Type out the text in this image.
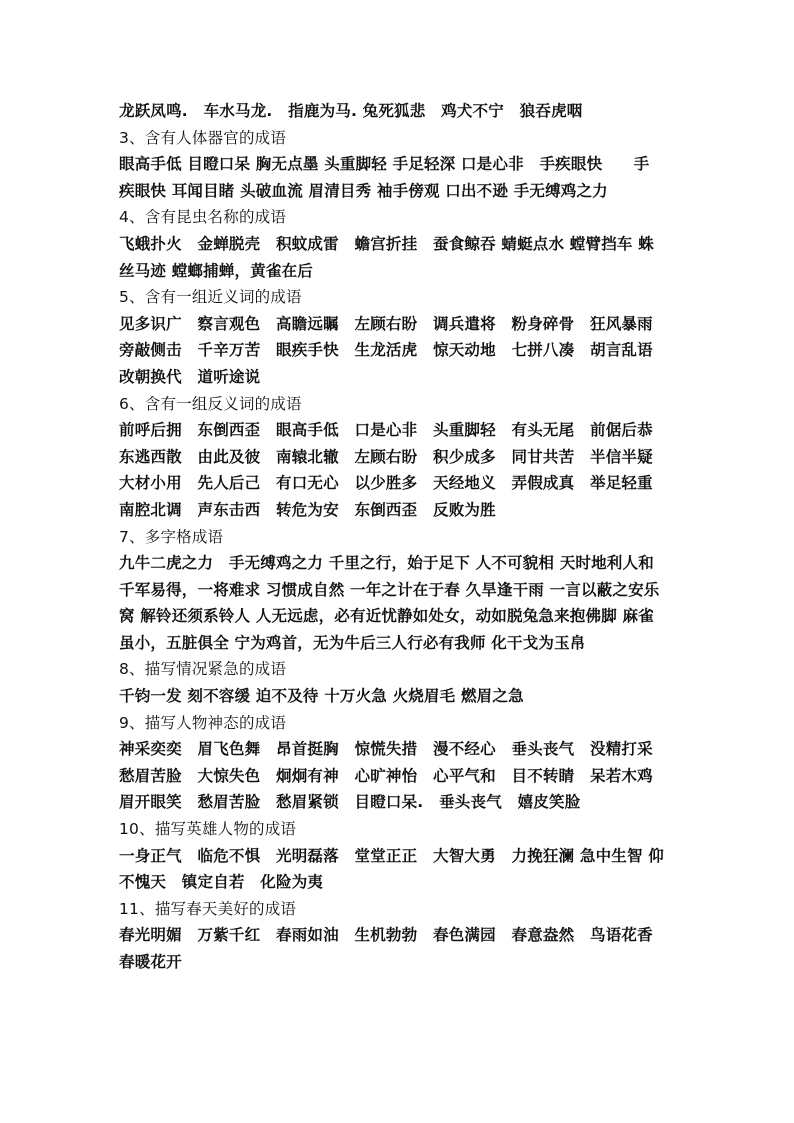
龙跃凤鸣.　车水马龙.　指鹿为马. 兔死狐悲　鸡犬不宁　狼吞虎咽
3、含有人体器官的成语
眼高手低 目瞪口呆 胸无点墨 头重脚轻 手足轻深 口是心非　手疾眼快　　手
疾眼快 耳闻目睹 头破血流 眉清目秀 袖手傍观 口出不逊 手无缚鸡之力
4、含有昆虫名称的成语
飞蛾扑火　金蝉脱壳　积蚊成雷　蟾宫折挂　蚕食鲸吞 蜻蜓点水 螳臂挡车 蛛
丝马迹 螳螂捕蝉，黄雀在后
5、含有一组近义词的成语
见多识广　察言观色　高瞻远瞩　左顾右盼　调兵遣将　粉身碎骨　狂风暴雨
旁敲侧击　千辛万苦　眼疾手快　生龙活虎　惊天动地　七拼八凑　胡言乱语
改朝换代　道听途说
6、含有一组反义词的成语
前呼后拥　东倒西歪　眼高手低　口是心非　头重脚轻　有头无尾　前倨后恭
东逃西散　由此及彼　南辕北辙　左顾右盼　积少成多　同甘共苦　半信半疑
大材小用　先人后己　有口无心　以少胜多　天经地义　弄假成真　举足轻重
南腔北调　声东击西　转危为安　东倒西歪　反败为胜
7、多字格成语
九牛二虎之力　手无缚鸡之力 千里之行，始于足下 人不可貌相 天时地利人和
千军易得，一将难求 习惯成自然 一年之计在于春 久旱逢干雨 一言以蔽之安乐
窝 解铃还须系铃人 人无远虑，必有近忧静如处女，动如脱兔急来抱佛脚 麻雀
虽小，五脏俱全 宁为鸡首，无为牛后三人行必有我师 化干戈为玉帛
8、描写情况紧急的成语
千钧一发 刻不容缓 迫不及待 十万火急 火烧眉毛 燃眉之急
9、描写人物神态的成语
神采奕奕　眉飞色舞　昂首挺胸　惊慌失措　漫不经心　垂头丧气　没精打采
愁眉苦脸　大惊失色　炯炯有神　心旷神怡　心平气和　目不转睛　呆若木鸡
眉开眼笑　愁眉苦脸　愁眉紧锁　目瞪口呆.　垂头丧气　嬉皮笑脸
10、描写英雄人物的成语
一身正气　临危不惧　光明磊落　堂堂正正　大智大勇　力挽狂澜 急中生智 仰
不愧天　镇定自若　化险为夷
11、描写春天美好的成语
春光明媚　万紫千红　春雨如油　生机勃勃　春色满园　春意盎然　鸟语花香
春暖花开
